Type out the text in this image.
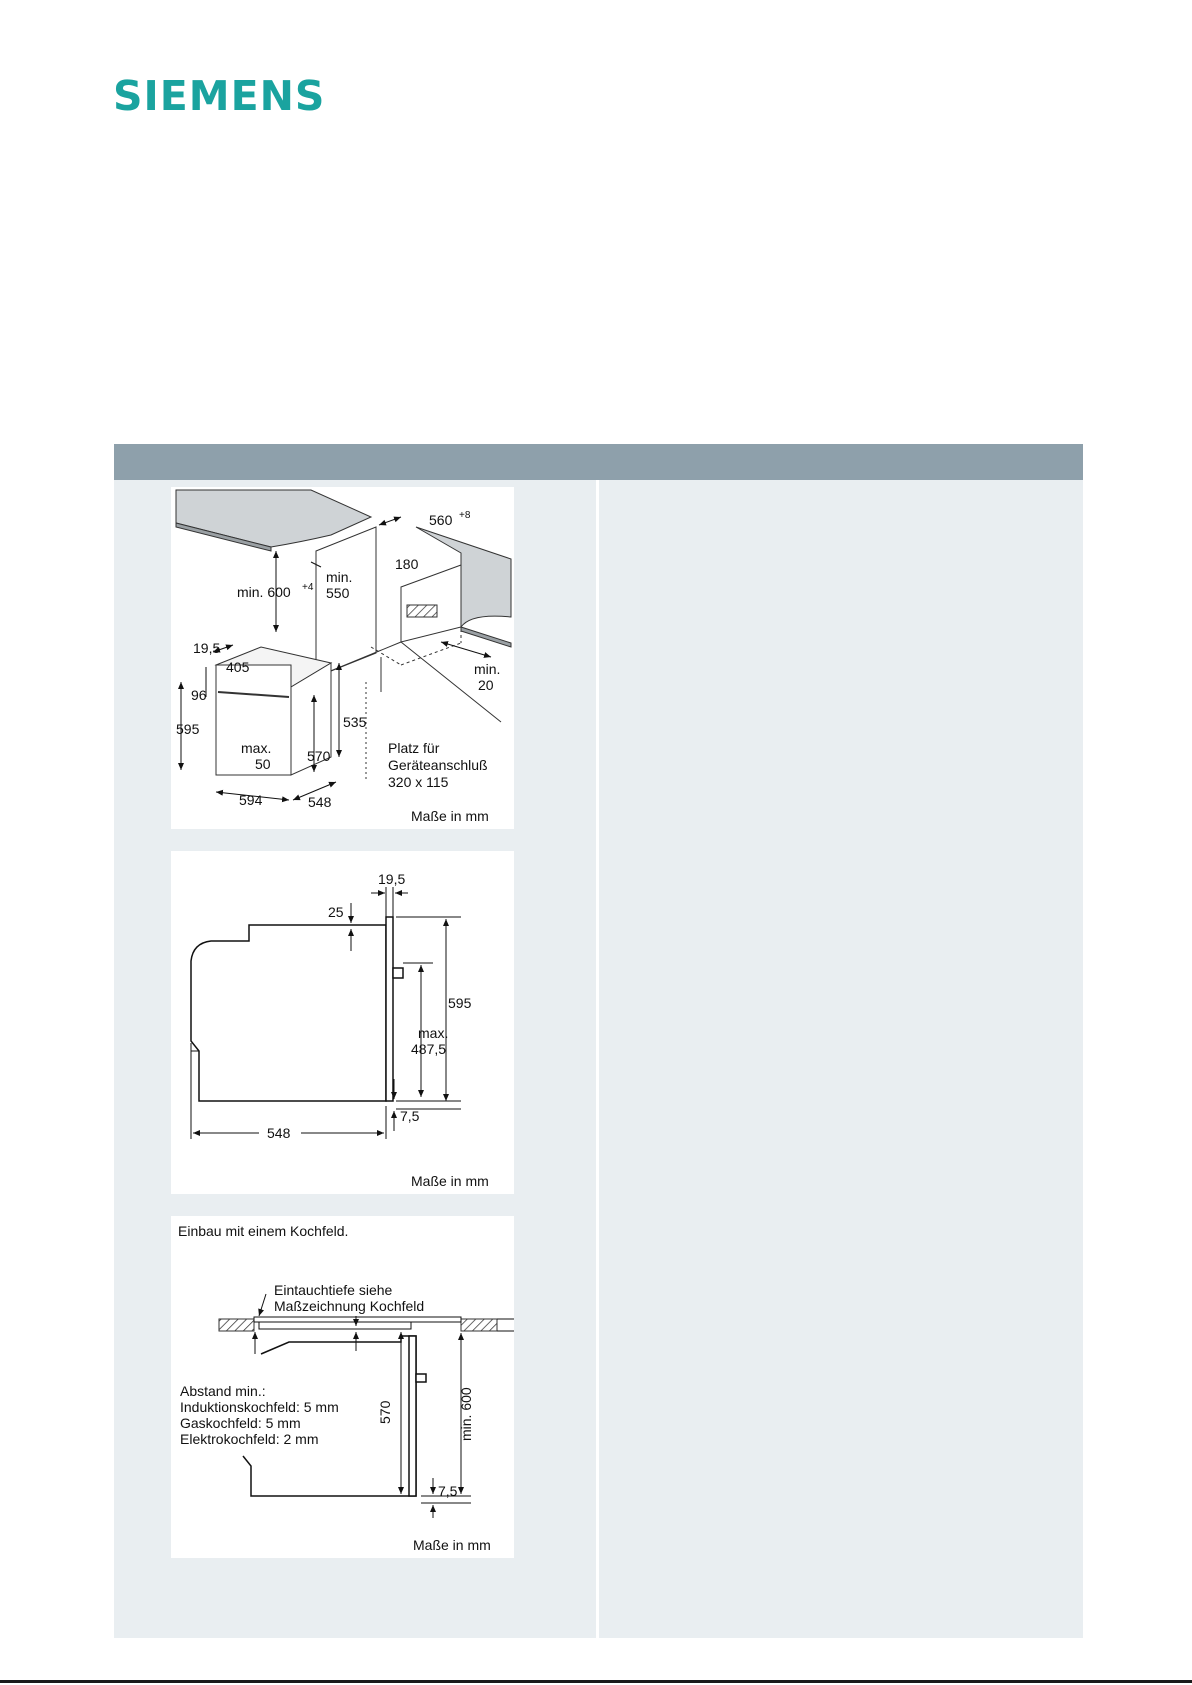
SIEMENS
560 +8
180
min. 600 +4
min.
550
19,5
405
96
595
max.
50	570
535
min.
20
594	548
Platz für
Geräteanschluß
320 x 115
Maße in mm
19,5
25
595
max.
487,5
7,5
548
Maße in mm
Einbau mit einem Kochfeld.
Eintauchtiefe siehe
Maßzeichnung Kochfeld
Abstand min.:
Induktionskochfeld: 5 mm
Gaskochfeld: 5 mm
Elektrokochfeld: 2 mm
570	min. 600
7,5
Maße in mm
